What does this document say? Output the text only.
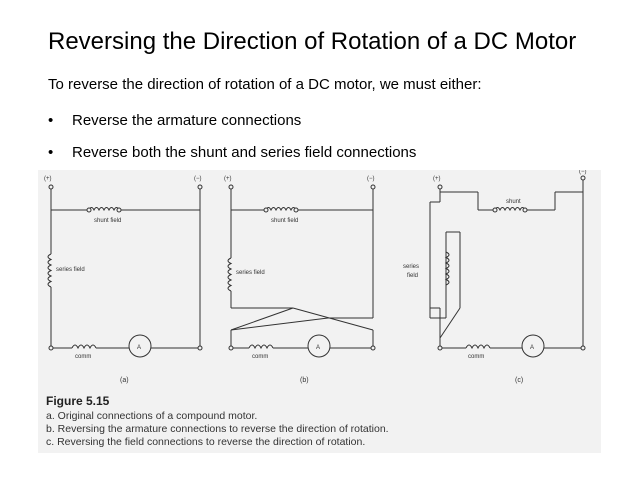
Reversing the Direction of Rotation of a DC Motor
To reverse the direction of rotation of a DC motor, we must either:
• Reverse the armature connections
• Reverse both the shunt and series field connections
(+)	(−)
shunt field
series field
comm
A
(a)
(+)	(−)
shunt field
series field
comm
A
(b)
(+)
(−)
shunt
series
field
comm
A
(c)
Figure 5.15
a. Original connections of a compound motor.
b. Reversing the armature connections to reverse the direction of rotation.
c. Reversing the field connections to reverse the direction of rotation.
